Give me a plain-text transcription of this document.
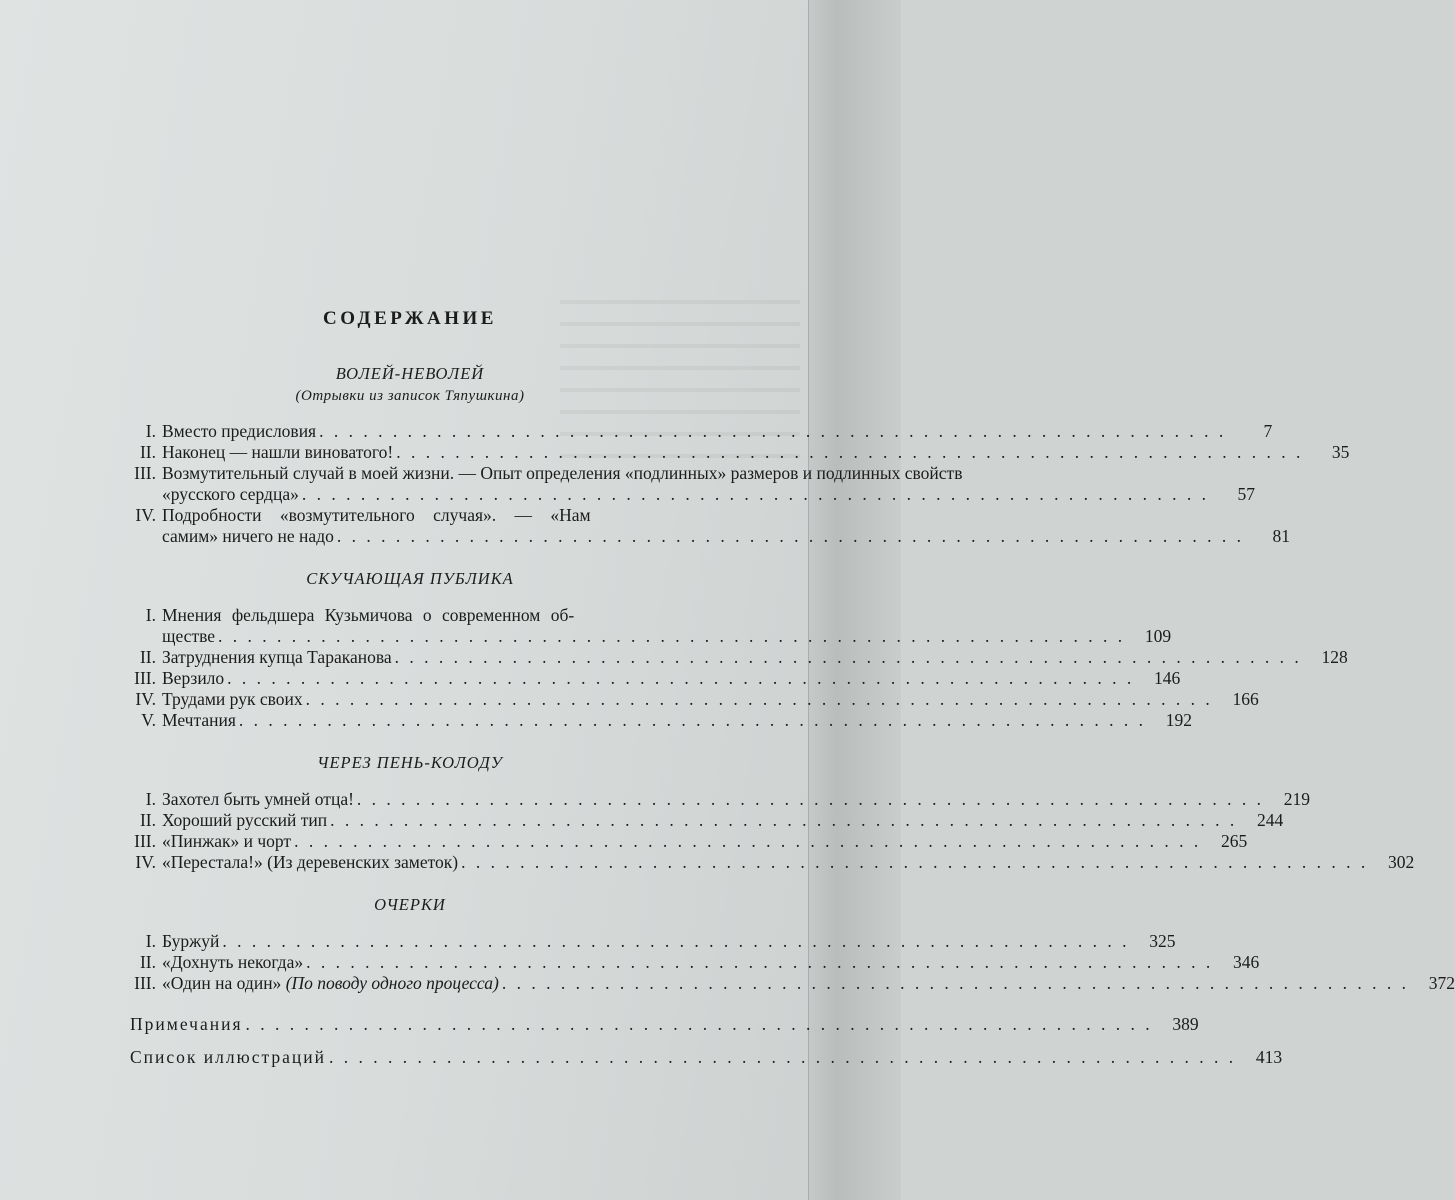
СОДЕРЖАНИЕ
ВОЛЕЙ-НЕВОЛЕЙ
(Отрывки из записок Тяпушкина)
I. Вместо предисловия . . .	7
II. Наконец — нашли виноватого! . . .	35
III. Возмутительный случай в моей жизни. — Опыт определения «подлинных» размеров и подлинных свойств
«русского сердца» . . .	57
IV. Подробности «возмутительного случая». — «Нам
самим» ничего не надо . . .	81
СКУЧАЮЩАЯ ПУБЛИКА
I. Мнения фельдшера Кузьмичова о современном об-
ществе . . .	109
II. Затруднения купца Тараканова . . .	128
III. Верзило . . .	146
IV. Трудами рук своих . . .	166
V. Мечтания . . .	192
ЧЕРЕЗ ПЕНЬ-КОЛОДУ
I. Захотел быть умней отца! . . .	219
II. Хороший русский тип . . .	244
III. «Пинжак» и чорт . . .	265
IV. «Перестала!» (Из деревенских заметок) . . .	302
ОЧЕРКИ
I. Буржуй . . .	325
II. «Дохнуть некогда» . . .	346
III. «Один на один» (По поводу одного процесса) . . .	372
Примечания . . .	389
Список иллюстраций . . .	413
